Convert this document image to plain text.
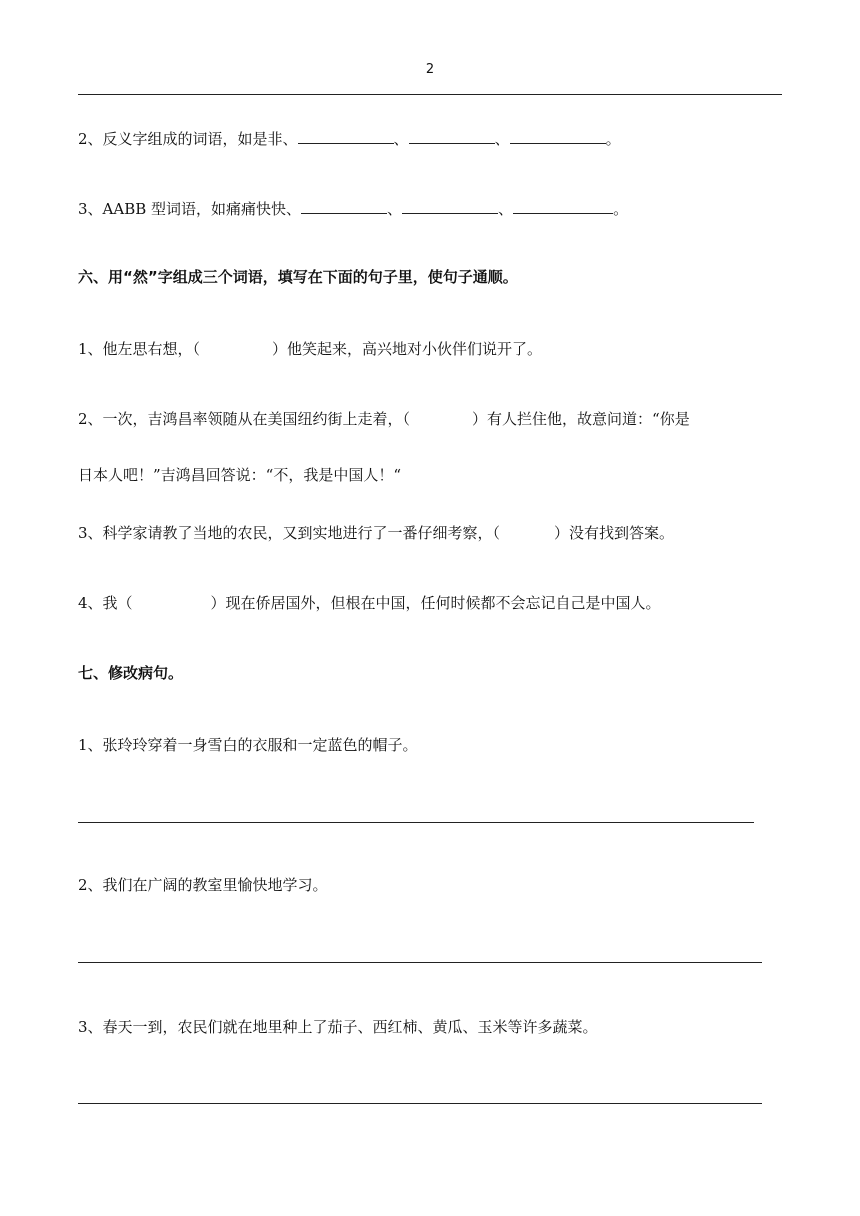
2
2、反义字组成的词语，如是非、	、	、	。
3、AABB 型词语，如痛痛快快、	、	、	。
六、用“然”字组成三个词语，填写在下面的句子里，使句子通顺。
1、他左思右想，（	）他笑起来，高兴地对小伙伴们说开了。
2、一次，吉鸿昌率领随从在美国纽约街上走着，（	）有人拦住他，故意问道：“你是
日本人吧！”吉鸿昌回答说：“不，我是中国人！“
3、科学家请教了当地的农民，又到实地进行了一番仔细考察，（	）没有找到答案。
4、我（	）现在侨居国外，但根在中国，任何时候都不会忘记自己是中国人。
七、修改病句。
1、张玲玲穿着一身雪白的衣服和一定蓝色的帽子。
2、我们在广阔的教室里愉快地学习。
3、春天一到，农民们就在地里种上了茄子、西红柿、黄瓜、玉米等许多蔬菜。
